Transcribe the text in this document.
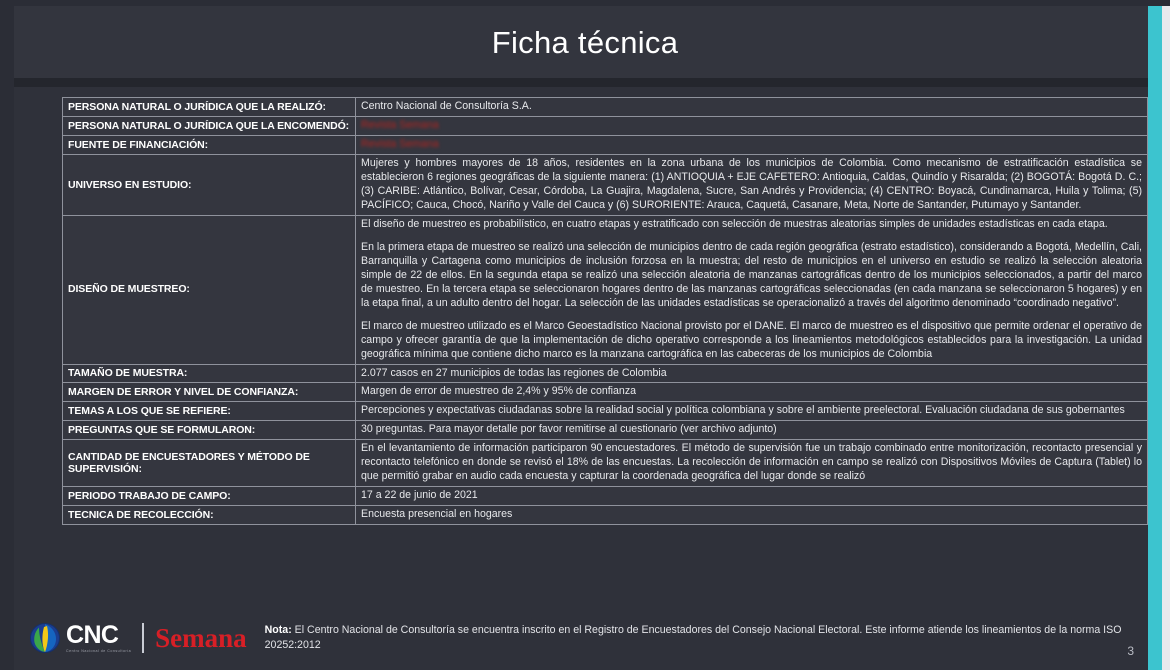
Ficha técnica
PERSONA NATURAL O JURÍDICA QUE LA REALIZÓ:	Centro Nacional de Consultoría S.A.
PERSONA NATURAL O JURÍDICA QUE LA ENCOMENDÓ:	Revista Semana
FUENTE DE FINANCIACIÓN:	Revista Semana
UNIVERSO EN ESTUDIO:	Mujeres y hombres mayores de 18 años, residentes en la zona urbana de los municipios de Colombia. Como mecanismo de estratificación estadística se establecieron 6 regiones geográficas de la siguiente manera: (1) ANTIOQUIA + EJE CAFETERO: Antioquia, Caldas, Quindío y Risaralda; (2) BOGOTÁ: Bogotá D. C.; (3) CARIBE: Atlántico, Bolívar, Cesar, Córdoba, La Guajira, Magdalena, Sucre, San Andrés y Providencia; (4) CENTRO: Boyacá, Cundinamarca, Huila y Tolima; (5) PACÍFICO; Cauca, Chocó, Nariño y Valle del Cauca y (6) SURORIENTE: Arauca, Caquetá, Casanare, Meta, Norte de Santander, Putumayo y Santander.
DISEÑO DE MUESTREO:	El diseño de muestreo es probabilístico, en cuatro etapas y estratificado con selección de muestras aleatorias simples de unidades estadísticas en cada etapa.

En la primera etapa de muestreo se realizó una selección de municipios dentro de cada región geográfica (estrato estadístico), considerando a Bogotá, Medellín, Cali, Barranquilla y Cartagena como municipios de inclusión forzosa en la muestra; del resto de municipios en el universo en estudio se realizó la selección aleatoria simple de 22 de ellos. En la segunda etapa se realizó una selección aleatoria de manzanas cartográficas dentro de los municipios seleccionados, a partir del marco de muestreo. En la tercera etapa se seleccionaron hogares dentro de las manzanas cartográficas seleccionadas (en cada manzana se seleccionaron 5 hogares) y en la etapa final, a un adulto dentro del hogar. La selección de las unidades estadísticas se operacionalizó a través del algoritmo denominado “coordinado negativo”.

El marco de muestreo utilizado es el Marco Geoestadístico Nacional provisto por el DANE. El marco de muestreo es el dispositivo que permite ordenar el operativo de campo y ofrecer garantía de que la implementación de dicho operativo corresponde a los lineamientos metodológicos establecidos para la investigación. La unidad geográfica mínima que contiene dicho marco es la manzana cartográfica en las cabeceras de los municipios de Colombia

TAMAÑO DE MUESTRA:	2.077 casos en 27 municipios de todas las regiones de Colombia
MARGEN DE ERROR Y NIVEL DE CONFIANZA:	Margen de error de muestreo de 2,4% y 95% de confianza
TEMAS A LOS QUE SE REFIERE:	Percepciones y expectativas ciudadanas sobre la realidad social y política colombiana y sobre el ambiente preelectoral. Evaluación ciudadana de sus gobernantes
PREGUNTAS QUE SE FORMULARON:	30 preguntas. Para mayor detalle por favor remitirse al cuestionario (ver archivo adjunto)
CANTIDAD DE ENCUESTADORES Y MÉTODO DE SUPERVISIÓN:	En el levantamiento de información participaron 90 encuestadores. El método de supervisión fue un trabajo combinado entre monitorización, recontacto presencial y recontacto telefónico en donde se revisó el 18% de las encuestas. La recolección de información en campo se realizó con Dispositivos Móviles de Captura (Tablet) lo que permitió grabar en audio cada encuesta y capturar la coordenada geográfica del lugar donde se realizó
PERIODO TRABAJO DE CAMPO:	17 a 22 de junio de 2021
TECNICA DE RECOLECCIÓN:	Encuesta presencial en hogares
CNC
Centro Nacional de Consultoría Semana Nota: El Centro Nacional de Consultoría se encuentra inscrito en el Registro de Encuestadores del Consejo Nacional Electoral. Este informe atiende los lineamientos de la norma ISO 20252:2012	3
